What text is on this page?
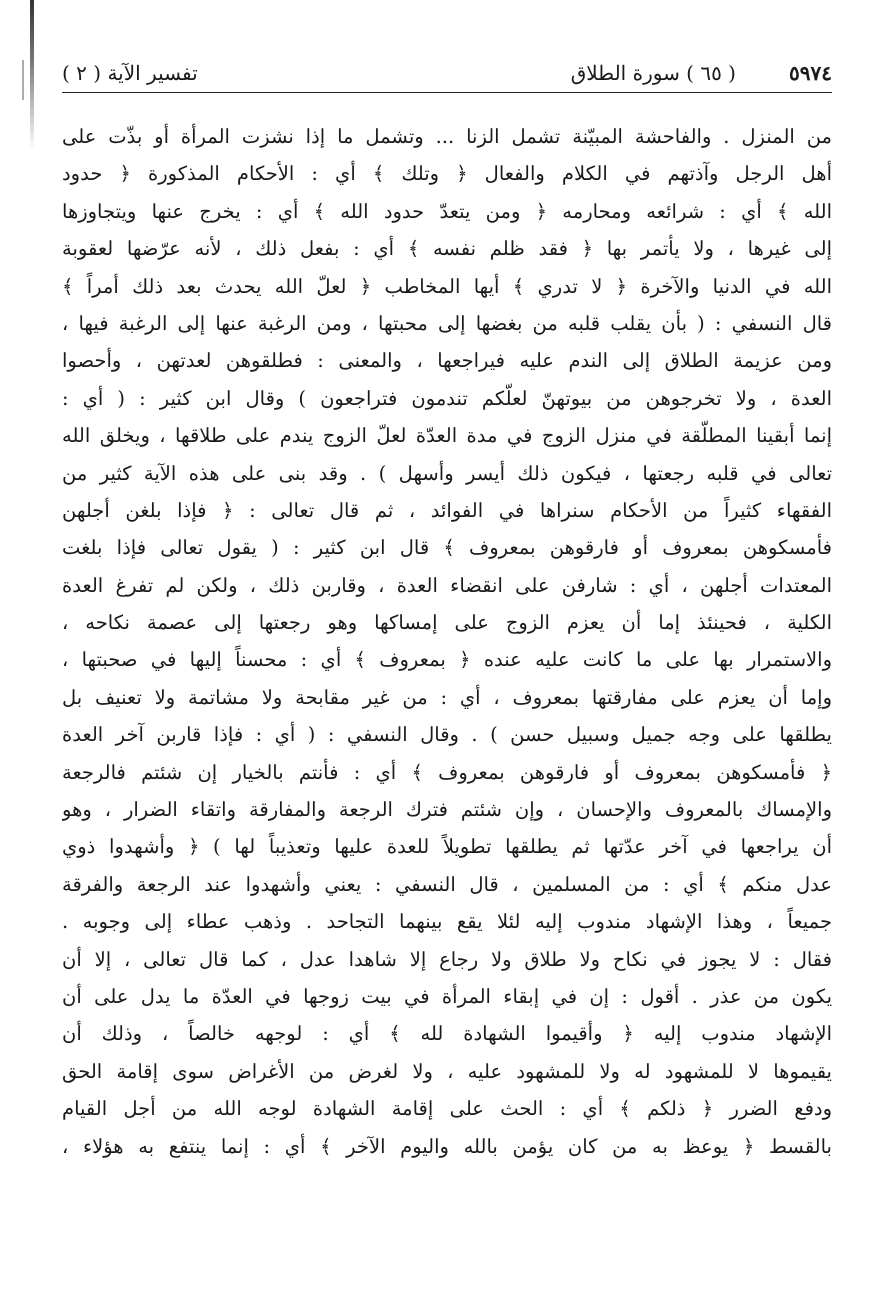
٥٩٧٤
( ٦٥ ) سورة الطلاق
تفسير الآية ( ٢ )
من المنزل . والفاحشة المبيّنة تشمل الزنا ... وتشمل ما إذا نشزت المرأة أو بذّت على
أهل الرجل وآذتهم في الكلام والفعال ﴿ وتلك ﴾ أي : الأحكام المذكورة ﴿ حدود
الله ﴾ أي : شرائعه ومحارمه ﴿ ومن يتعدّ حدود الله ﴾ أي : يخرج عنها ويتجاوزها
إلى غيرها ، ولا يأتمر بها ﴿ فقد ظلم نفسه ﴾ أي : بفعل ذلك ، لأنه عرّضها لعقوبة
الله في الدنيا والآخرة ﴿ لا تدري ﴾ أيها المخاطب ﴿ لعلّ الله يحدث بعد ذلك أمراً ﴾
قال النسفي : ( بأن يقلب قلبه من بغضها إلى محبتها ، ومن الرغبة عنها إلى الرغبة فيها ،
ومن عزيمة الطلاق إلى الندم عليه فيراجعها ، والمعنى : فطلقوهن لعدتهن ، وأحصوا
العدة ، ولا تخرجوهن من بيوتهنّ لعلّكم تندمون فتراجعون ) وقال ابن كثير : ( أي :
إنما أبقينا المطلّقة في منزل الزوج في مدة العدّة لعلّ الزوج يندم على طلاقها ، ويخلق الله
تعالى في قلبه رجعتها ، فيكون ذلك أيسر وأسهل ) . وقد بنى على هذه الآية كثير من
الفقهاء كثيراً من الأحكام سنراها في الفوائد ، ثم قال تعالى : ﴿ فإذا بلغن أجلهن
فأمسكوهن بمعروف أو فارقوهن بمعروف ﴾ قال ابن كثير : ( يقول تعالى فإذا بلغت
المعتدات أجلهن ، أي : شارفن على انقضاء العدة ، وقاربن ذلك ، ولكن لم تفرغ العدة
الكلية ، فحينئذ إما أن يعزم الزوج على إمساكها وهو رجعتها إلى عصمة نكاحه ،
والاستمرار بها على ما كانت عليه عنده ﴿ بمعروف ﴾ أي : محسناً إليها في صحبتها ،
وإما أن يعزم على مفارقتها بمعروف ، أي : من غير مقابحة ولا مشاتمة ولا تعنيف بل
يطلقها على وجه جميل وسبيل حسن ) . وقال النسفي : ( أي : فإذا قاربن آخر العدة
﴿ فأمسكوهن بمعروف أو فارقوهن بمعروف ﴾ أي : فأنتم بالخيار إن شئتم فالرجعة
والإمساك بالمعروف والإحسان ، وإن شئتم فترك الرجعة والمفارقة واتقاء الضرار ، وهو
أن يراجعها في آخر عدّتها ثم يطلقها تطويلاً للعدة عليها وتعذيباً لها ) ﴿ وأشهدوا ذوي
عدل منكم ﴾ أي : من المسلمين ، قال النسفي : يعني وأشهدوا عند الرجعة والفرقة
جميعاً ، وهذا الإشهاد مندوب إليه لئلا يقع بينهما التجاحد . وذهب عطاء إلى وجوبه .
فقال : لا يجوز في نكاح ولا طلاق ولا رجاع إلا شاهدا عدل ، كما قال تعالى ، إلا أن
يكون من عذر . أقول : إن في إبقاء المرأة في بيت زوجها في العدّة ما يدل على أن
الإشهاد مندوب إليه ﴿ وأقيموا الشهادة لله ﴾ أي : لوجهه خالصاً ، وذلك أن
يقيموها لا للمشهود له ولا للمشهود عليه ، ولا لغرض من الأغراض سوى إقامة الحق
ودفع الضرر ﴿ ذلكم ﴾ أي : الحث على إقامة الشهادة لوجه الله من أجل القيام
بالقسط ﴿ يوعظ به من كان يؤمن بالله واليوم الآخر ﴾ أي : إنما ينتفع به هؤلاء ،
